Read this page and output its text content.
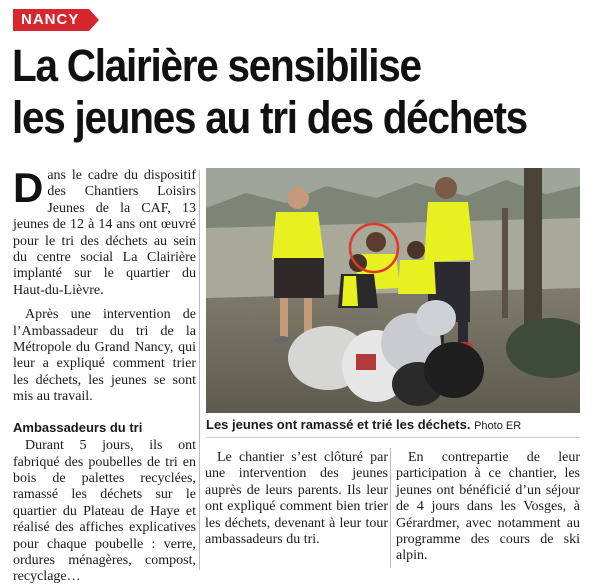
NANCY
La Clairière sensibilise
les jeunes au tri des déchets

Dans le cadre du dispositif des Chantiers Loisirs Jeunes de la CAF, 13 jeunes de 12 à 14 ans ont œuvré pour le tri des déchets au sein du centre social La Clairière implanté sur le quartier du Haut-du-Lièvre.

Après une intervention de l’Ambassadeur du tri de la Métropole du Grand Nancy, qui leur a expliqué comment trier les déchets, les jeunes se sont mis au travail.

Ambassadeurs du tri

Durant 5 jours, ils ont fabriqué des poubelles de tri en bois de palettes recyclées, ramassé les déchets sur le quartier du Plateau de Haye et réalisé des affiches explicatives pour chaque poubelle : verre, ordures ménagères, compost, recyclage…

Les jeunes ont ramassé et trié les déchets. Photo ER

Le chantier s’est clôturé par une intervention des jeunes auprès de leurs parents. Ils leur ont expliqué comment bien trier les déchets, devenant à leur tour ambassadeurs du tri.

En contrepartie de leur participation à ce chantier, les jeunes ont bénéficié d’un séjour de 4 jours dans les Vosges, à Gérardmer, avec notamment au programme des cours de ski alpin.
